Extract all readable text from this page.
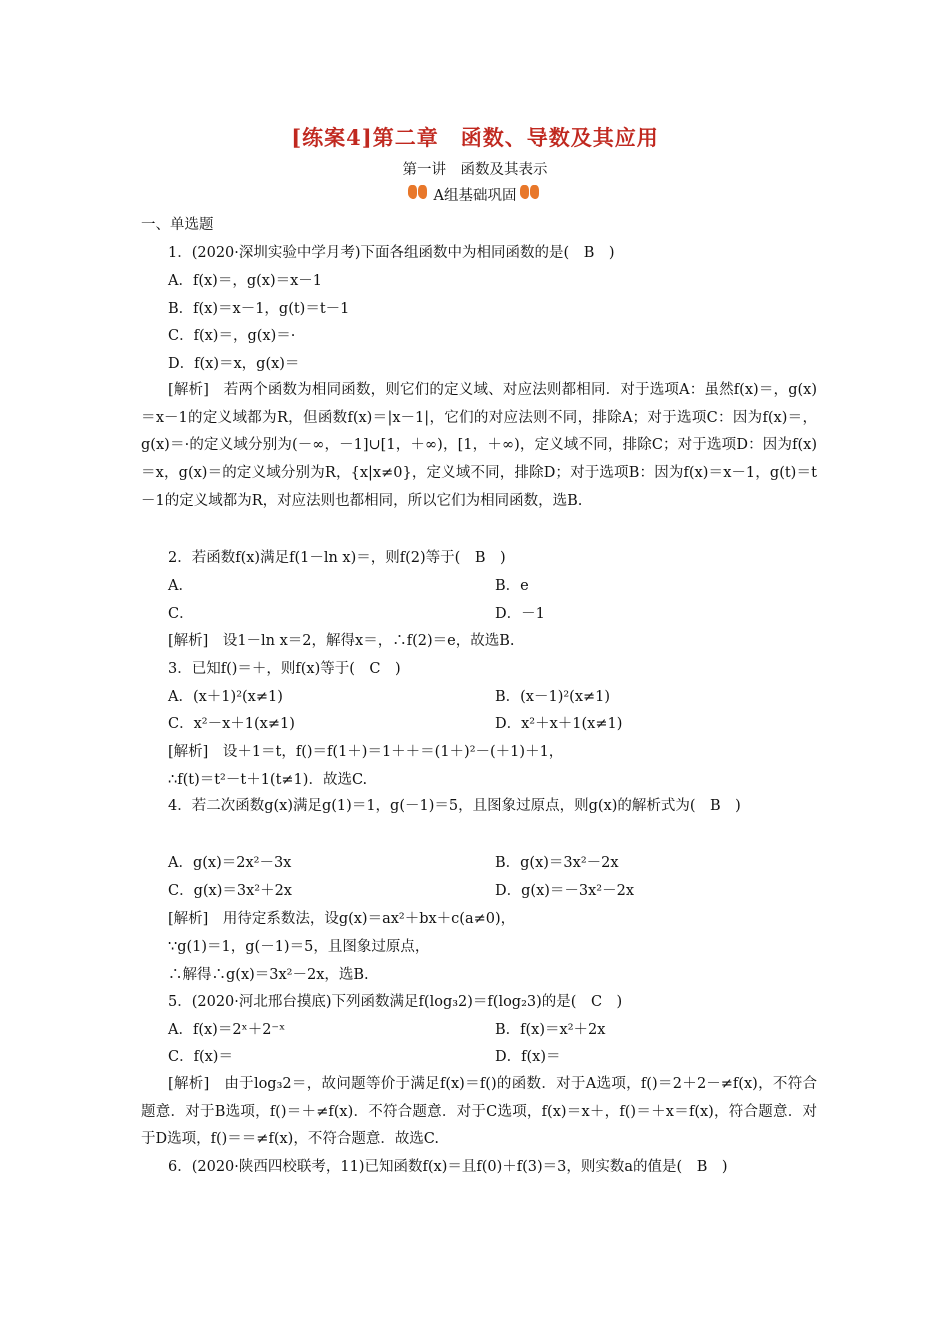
[练案4]第二章　函数、导数及其应用
第一讲　函数及其表示
A组基础巩固
一、单选题
1．(2020·深圳实验中学月考)下面各组函数中为相同函数的是(　B　)
A．f(x)＝，g(x)＝x－1
B．f(x)＝x－1，g(t)＝t－1
C．f(x)＝，g(x)＝·
D．f(x)＝x，g(x)＝
[解析]　若两个函数为相同函数，则它们的定义域、对应法则都相同．对于选项A：虽然f(x)＝，g(x)＝x－1的定义域都为R，但函数f(x)＝|x－1|，它们的对应法则不同，排除A；对于选项C：因为f(x)＝，g(x)＝·的定义域分别为(－∞，－1]∪[1，＋∞)，[1，＋∞)，定义域不同，排除C；对于选项D：因为f(x)＝x，g(x)＝的定义域分别为R，{x|x≠0}，定义域不同，排除D；对于选项B：因为f(x)＝x－1，g(t)＝t－1的定义域都为R，对应法则也都相同，所以它们为相同函数，选B.
2．若函数f(x)满足f(1－ln x)＝，则f(2)等于(　B　)
A．	B．e
C．	D．－1
[解析]　设1－ln x＝2，解得x＝，∴f(2)＝e，故选B.
3．已知f()＝＋，则f(x)等于(　C　)
A．(x＋1)²(x≠1)	B．(x－1)²(x≠1)
C．x²－x＋1(x≠1)	D．x²＋x＋1(x≠1)
[解析]　设＋1＝t，f()＝f(1＋)＝1＋＋＝(1＋)²－(＋1)＋1，
∴f(t)＝t²－t＋1(t≠1)．故选C.
4．若二次函数g(x)满足g(1)＝1，g(－1)＝5，且图象过原点，则g(x)的解析式为(　B　)
A．g(x)＝2x²－3x	B．g(x)＝3x²－2x
C．g(x)＝3x²＋2x	D．g(x)＝－3x²－2x
[解析]　用待定系数法，设g(x)＝ax²＋bx＋c(a≠0)，
∵g(1)＝1，g(－1)＝5，且图象过原点，
∴解得∴g(x)＝3x²－2x，选B.
5．(2020·河北邢台摸底)下列函数满足f(log₃2)＝f(log₂3)的是(　C　)
A．f(x)＝2ˣ＋2⁻ˣ	B．f(x)＝x²＋2x
C．f(x)＝	D．f(x)＝
[解析]　由于log₃2＝，故问题等价于满足f(x)＝f()的函数．对于A选项，f()＝2＋2－≠f(x)，不符合题意．对于B选项，f()＝＋≠f(x)．不符合题意．对于C选项，f(x)＝x＋，f()＝＋x＝f(x)，符合题意．对于D选项，f()＝＝≠f(x)，不符合题意．故选C.
6．(2020·陕西四校联考，11)已知函数f(x)＝且f(0)＋f(3)＝3，则实数a的值是(　B　)
